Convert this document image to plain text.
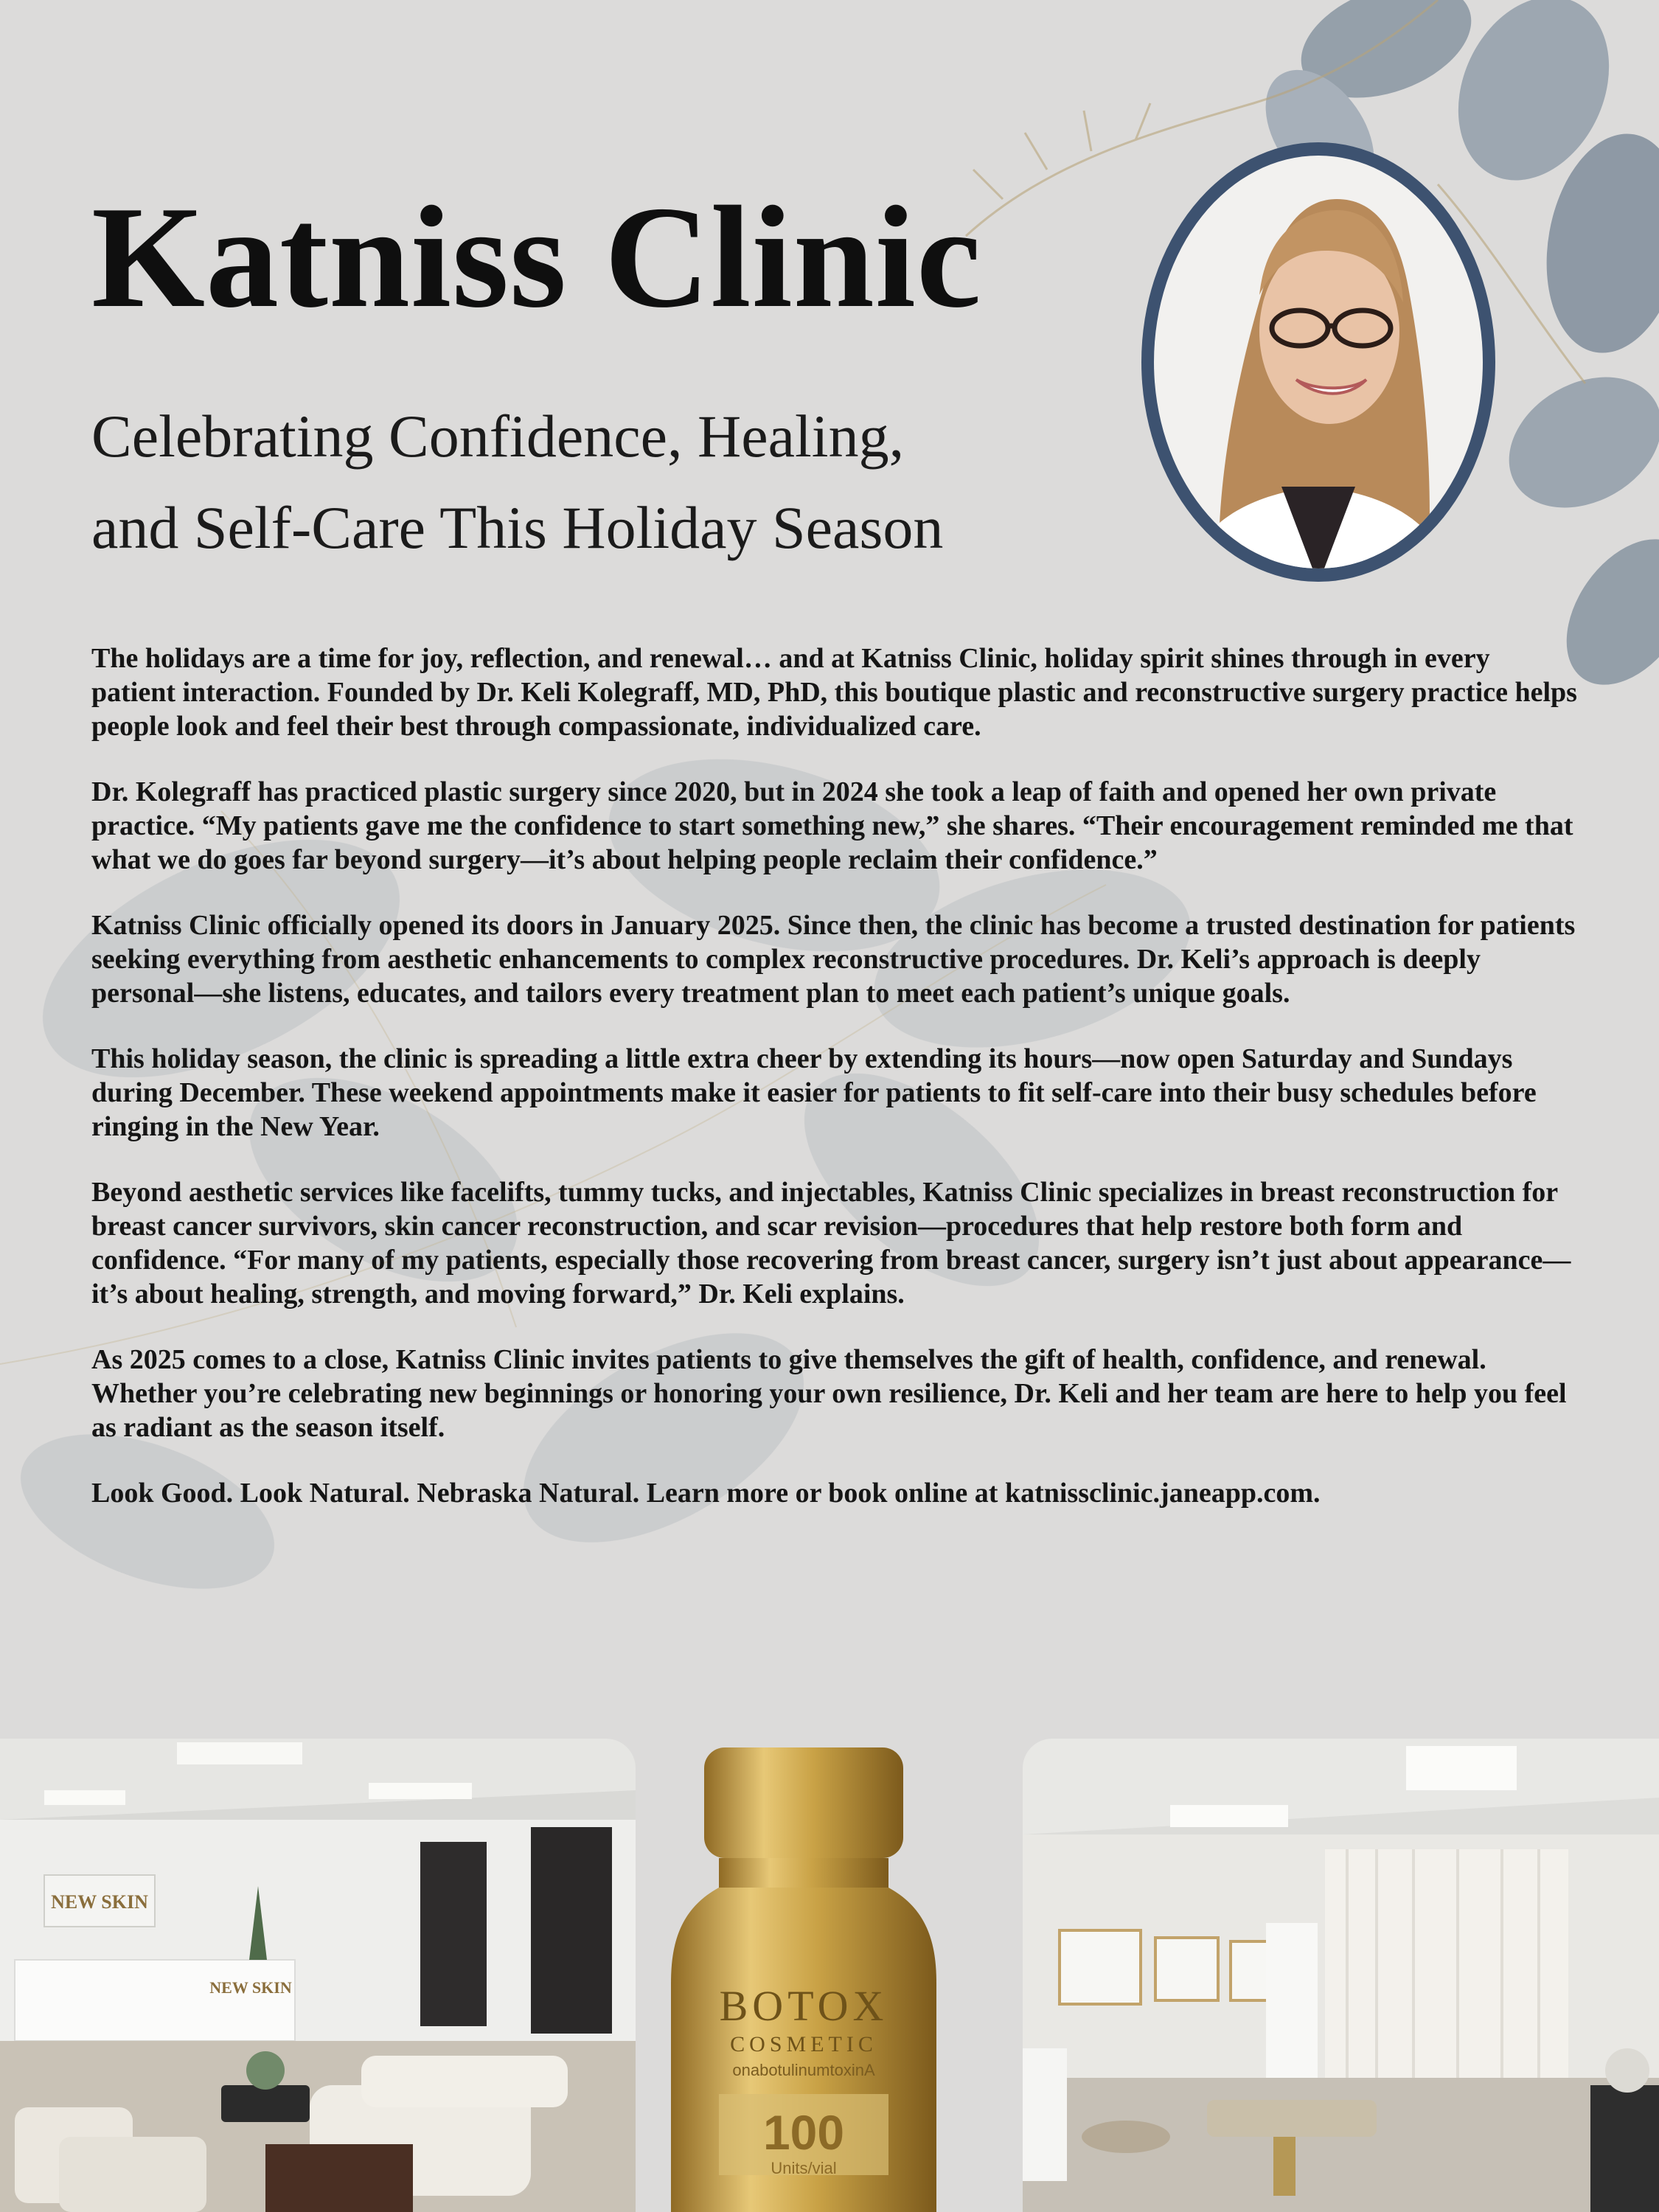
Katniss Clinic
Celebrating Confidence, Healing,
and Self-Care This Holiday Season

The holidays are a time for joy, reflection, and renewal… and at Katniss Clinic, holiday spirit shines through in every patient interaction. Founded by Dr. Keli Kolegraff, MD, PhD, this boutique plastic and reconstructive surgery practice helps people look and feel their best through compassionate, individualized care.

Dr. Kolegraff has practiced plastic surgery since 2020, but in 2024 she took a leap of faith and opened her own private practice. “My patients gave me the confidence to start something new,” she shares. “Their encouragement reminded me that what we do goes far beyond surgery—it’s about helping people reclaim their confidence.”

Katniss Clinic officially opened its doors in January 2025. Since then, the clinic has become a trusted destination for patients seeking everything from aesthetic enhancements to complex reconstructive procedures. Dr. Keli’s approach is deeply personal—she listens, educates, and tailors every treatment plan to meet each patient’s unique goals.

This holiday season, the clinic is spreading a little extra cheer by extending its hours—now open Saturday and Sundays during December. These weekend appointments make it easier for patients to fit self-care into their busy schedules before ringing in the New Year.

Beyond aesthetic services like facelifts, tummy tucks, and injectables, Katniss Clinic specializes in breast reconstruction for breast cancer survivors, skin cancer reconstruction, and scar revision—procedures that help restore both form and confidence. “For many of my patients, especially those recovering from breast cancer, surgery isn’t just about appearance—it’s about healing, strength, and moving forward,” Dr. Keli explains.

As 2025 comes to a close, Katniss Clinic invites patients to give themselves the gift of health, confidence, and renewal. Whether you’re celebrating new beginnings or honoring your own resilience, Dr. Keli and her team are here to help you feel as radiant as the season itself.

Look Good. Look Natural. Nebraska Natural. Learn more or book online at katnissclinic.janeapp.com.

NEW SKIN
NEW SKIN	BOTOX
COSMETIC
onabotulinumtoxinA
100
Units/vial
